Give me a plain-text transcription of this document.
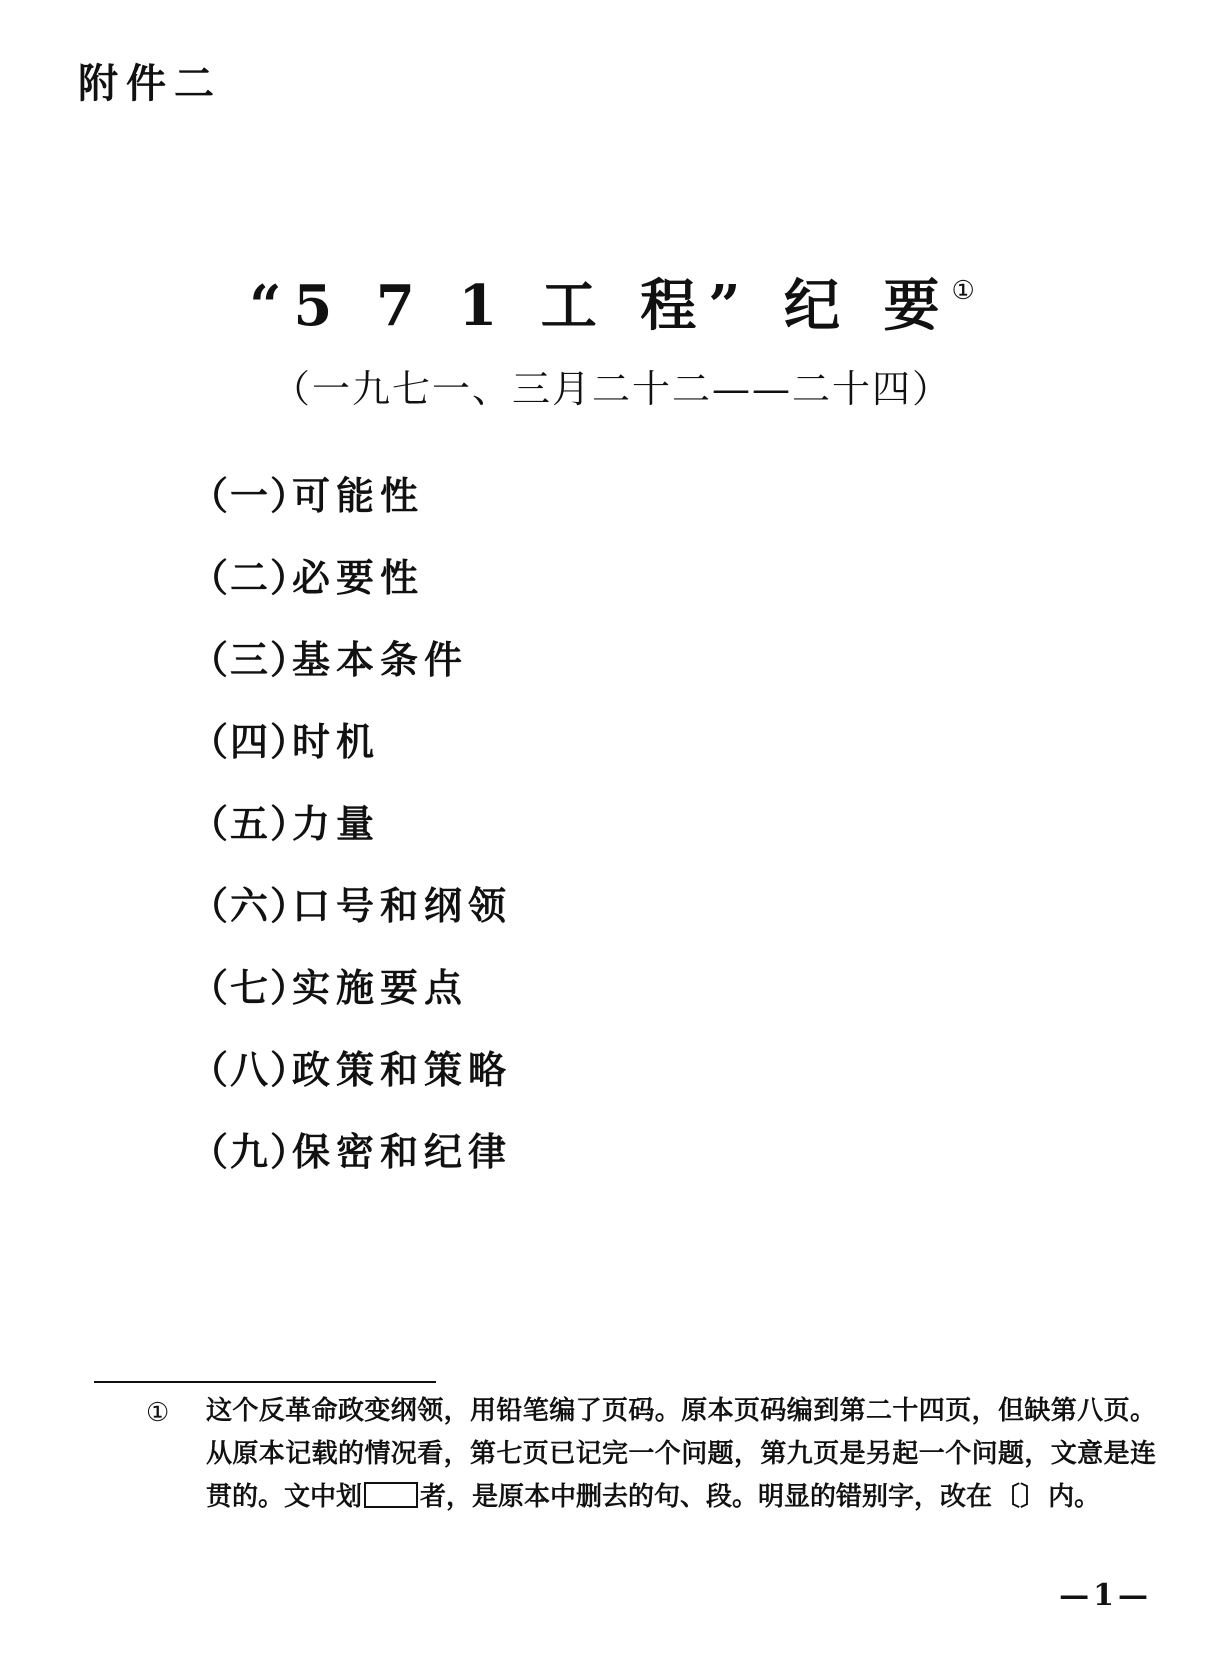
附件二
“5 7 1 工 程” 纪 要①
（一九七一、三月二十二——二十四）
（一）可能性
（二）必要性
（三）基本条件
（四）时机
（五）力量
（六）口号和纲领
（七）实施要点
（八）政策和策略
（九）保密和纪律
① 这个反革命政变纲领，用铅笔编了页码。原本页码编到第二十四页，但缺第八页。从原本记载的情况看，第七页已记完一个问题，第九页是另起一个问题，文意是连贯的。文中划 者，是原本中删去的句、段。明显的错别字，改在〔〕内。
—1—
